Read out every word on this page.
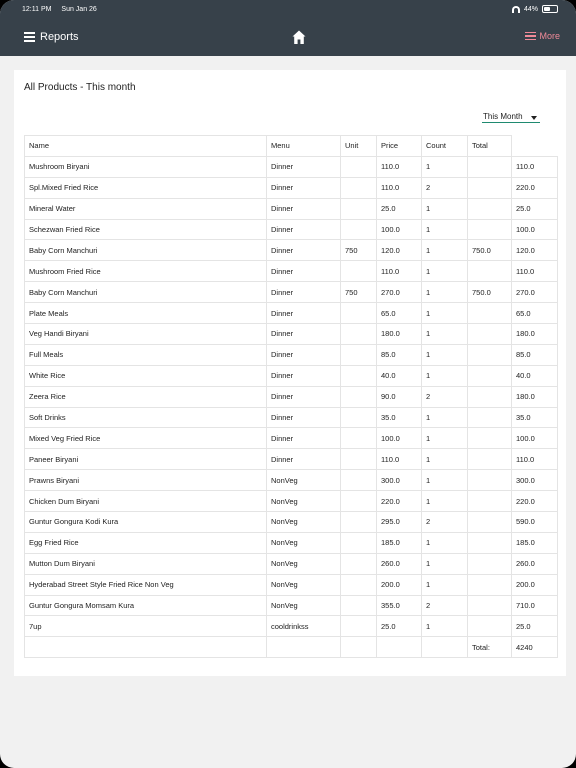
12:11 PM Sun Jan 26	44%
Reports	More
All Products - This month
This Month
Name	Menu	Unit	Price	Count	Total	
Mushroom Biryani	Dinner		110.0	1		110.0
Spl.Mixed Fried Rice	Dinner		110.0	2		220.0
Mineral Water	Dinner		25.0	1		25.0
Schezwan Fried Rice	Dinner		100.0	1		100.0
Baby Corn Manchuri	Dinner	750	120.0	1	750.0	120.0
Mushroom Fried Rice	Dinner		110.0	1		110.0
Baby Corn Manchuri	Dinner	750	270.0	1	750.0	270.0
Plate Meals	Dinner		65.0	1		65.0
Veg Handi Biryani	Dinner		180.0	1		180.0
Full Meals	Dinner		85.0	1		85.0
White Rice	Dinner		40.0	1		40.0
Zeera Rice	Dinner		90.0	2		180.0
Soft Drinks	Dinner		35.0	1		35.0
Mixed Veg Fried Rice	Dinner		100.0	1		100.0
Paneer Biryani	Dinner		110.0	1		110.0
Prawns Biryani	NonVeg		300.0	1		300.0
Chicken Dum Biryani	NonVeg		220.0	1		220.0
Guntur Gongura Kodi Kura	NonVeg		295.0	2		590.0
Egg Fried Rice	NonVeg		185.0	1		185.0
Mutton Dum Biryani	NonVeg		260.0	1		260.0
Hyderabad Street Style Fried Rice Non Veg	NonVeg		200.0	1		200.0
Guntur Gongura Momsam Kura	NonVeg		355.0	2		710.0
7up	cooldrinkss		25.0	1		25.0
					Total:	4240
